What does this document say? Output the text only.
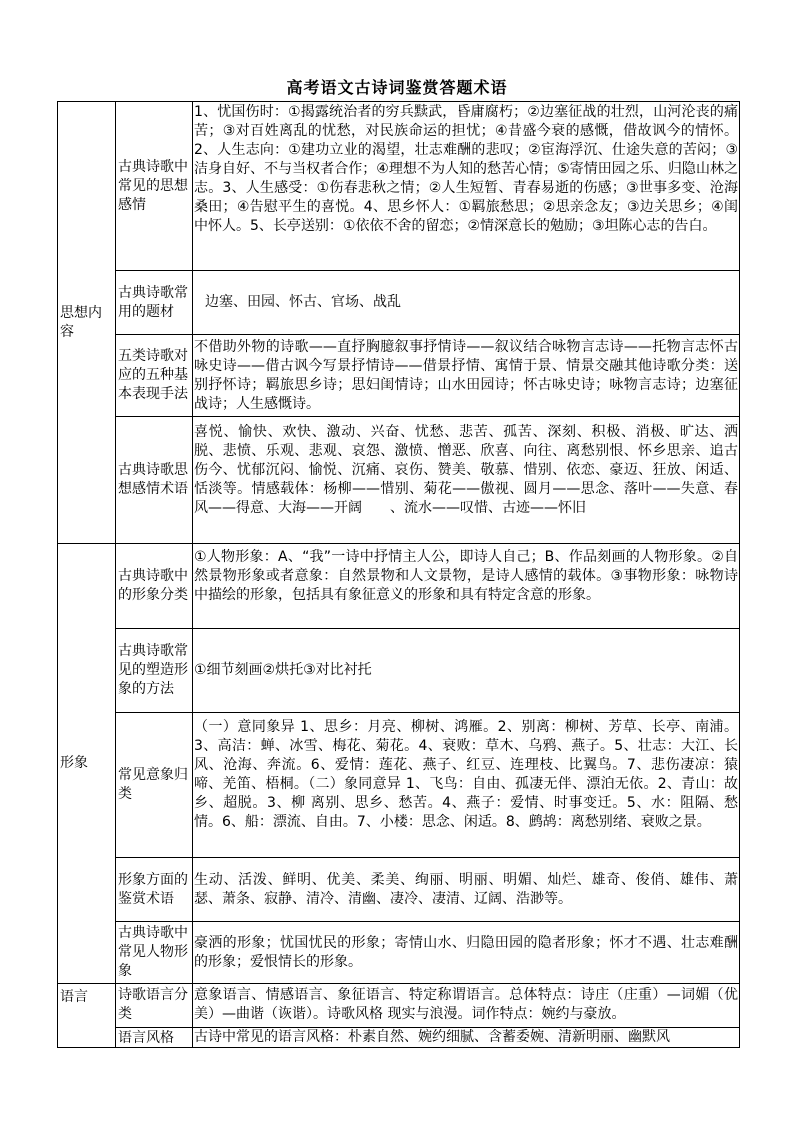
高考语文古诗词鉴赏答题术语
思想内容	古典诗歌中常见的思想感情	1、忧国伤时：①揭露统治者的穷兵黩武，昏庸腐朽；②边塞征战的壮烈，山河沦丧的痛苦；③对百姓离乱的忧愁，对民族命运的担忧；④昔盛今衰的感慨，借故讽今的情怀。2、人生志向：①建功立业的渴望，壮志难酬的悲叹；②宦海浮沉、仕途失意的苦闷；③洁身自好、不与当权者合作；④理想不为人知的愁苦心情；⑤寄情田园之乐、归隐山林之志。3、人生感受：①伤春悲秋之情；②人生短暂、青春易逝的伤感；③世事多变、沧海桑田；④告慰平生的喜悦。4、思乡怀人：①羁旅愁思；②思亲念友；③边关思乡；④闺中怀人。5、长亭送别：①依依不舍的留恋；②情深意长的勉励；③坦陈心志的告白。

	古典诗歌常用的题材	边塞、田园、怀古、官场、战乱
	五类诗歌对应的五种基本表现手法	不借助外物的诗歌——直抒胸臆叙事抒情诗——叙议结合咏物言志诗——托物言志怀古咏史诗——借古讽今写景抒情诗——借景抒情、寓情于景、情景交融其他诗歌分类：送别抒怀诗；羁旅思乡诗；思妇闺情诗；山水田园诗；怀古咏史诗；咏物言志诗；边塞征战诗；人生感慨诗。

	古典诗歌思想感情术语	喜悦、愉快、欢快、激动、兴奋、忧愁、悲苦、孤苦、深刻、积极、消极、旷达、洒脱、悲愤、乐观、悲观、哀怨、激愤、憎恶、欣喜、向往、离愁别恨、怀乡思亲、追古伤今、忧郁沉闷、愉悦、沉痛、哀伤、赞美、敬慕、惜别、依恋、豪迈、狂放、闲适、恬淡等。情感载体：杨柳——惜别、菊花——傲视、圆月——思念、落叶——失意、春风——得意、大海——开阔　　、流水——叹惜、古迹——怀旧

形象	古典诗歌中的形象分类	①人物形象：A、“我”一诗中抒情主人公，即诗人自己；B、作品刻画的人物形象。②自然景物形象或者意象：自然景物和人文景物，是诗人感情的载体。③事物形象：咏物诗中描绘的形象，包括具有象征意义的形象和具有特定含意的形象。

	古典诗歌常见的塑造形象的方法	①细节刻画②烘托③对比衬托
	常见意象归类	（一）意同象异 1、思乡：月亮、柳树、鸿雁。2、别离：柳树、芳草、长亭、南浦。3、高洁：蝉、冰雪、梅花、菊花。4、衰败：草木、乌鸦、燕子。5、壮志：大江、长风、沧海、奔流。6、爱情：莲花、燕子、红豆、连理枝、比翼鸟。7、悲伤凄凉：猿啼、羌笛、梧桐。（二）象同意异 1、飞鸟：自由、孤凄无伴、漂泊无依。2、青山：故乡、超脱。3、柳 离别、思乡、愁苦。4、燕子：爱情、时事变迁。5、水：阻隔、愁情。6、船：漂流、自由。7、小楼：思念、闲适。8、鹧鸪：离愁别绪、衰败之景。

	形象方面的鉴赏术语	生动、活泼、鲜明、优美、柔美、绚丽、明丽、明媚、灿烂、雄奇、俊俏、雄伟、萧瑟、萧条、寂静、清冷、清幽、凄冷、凄清、辽阔、浩渺等。
	古典诗歌中常见人物形象	豪洒的形象；忧国忧民的形象；寄情山水、归隐田园的隐者形象；怀才不遇、壮志难酬的形象；爱恨情长的形象。

语言	诗歌语言分类	意象语言、情感语言、象征语言、特定称谓语言。总体特点：诗庄（庄重）—词媚（优美）—曲谐（诙谐）。诗歌风格 现实与浪漫。词作特点：婉约与豪放。

	语言风格	古诗中常见的语言风格：朴素自然、婉约细腻、含蓄委婉、清新明丽、幽默风
